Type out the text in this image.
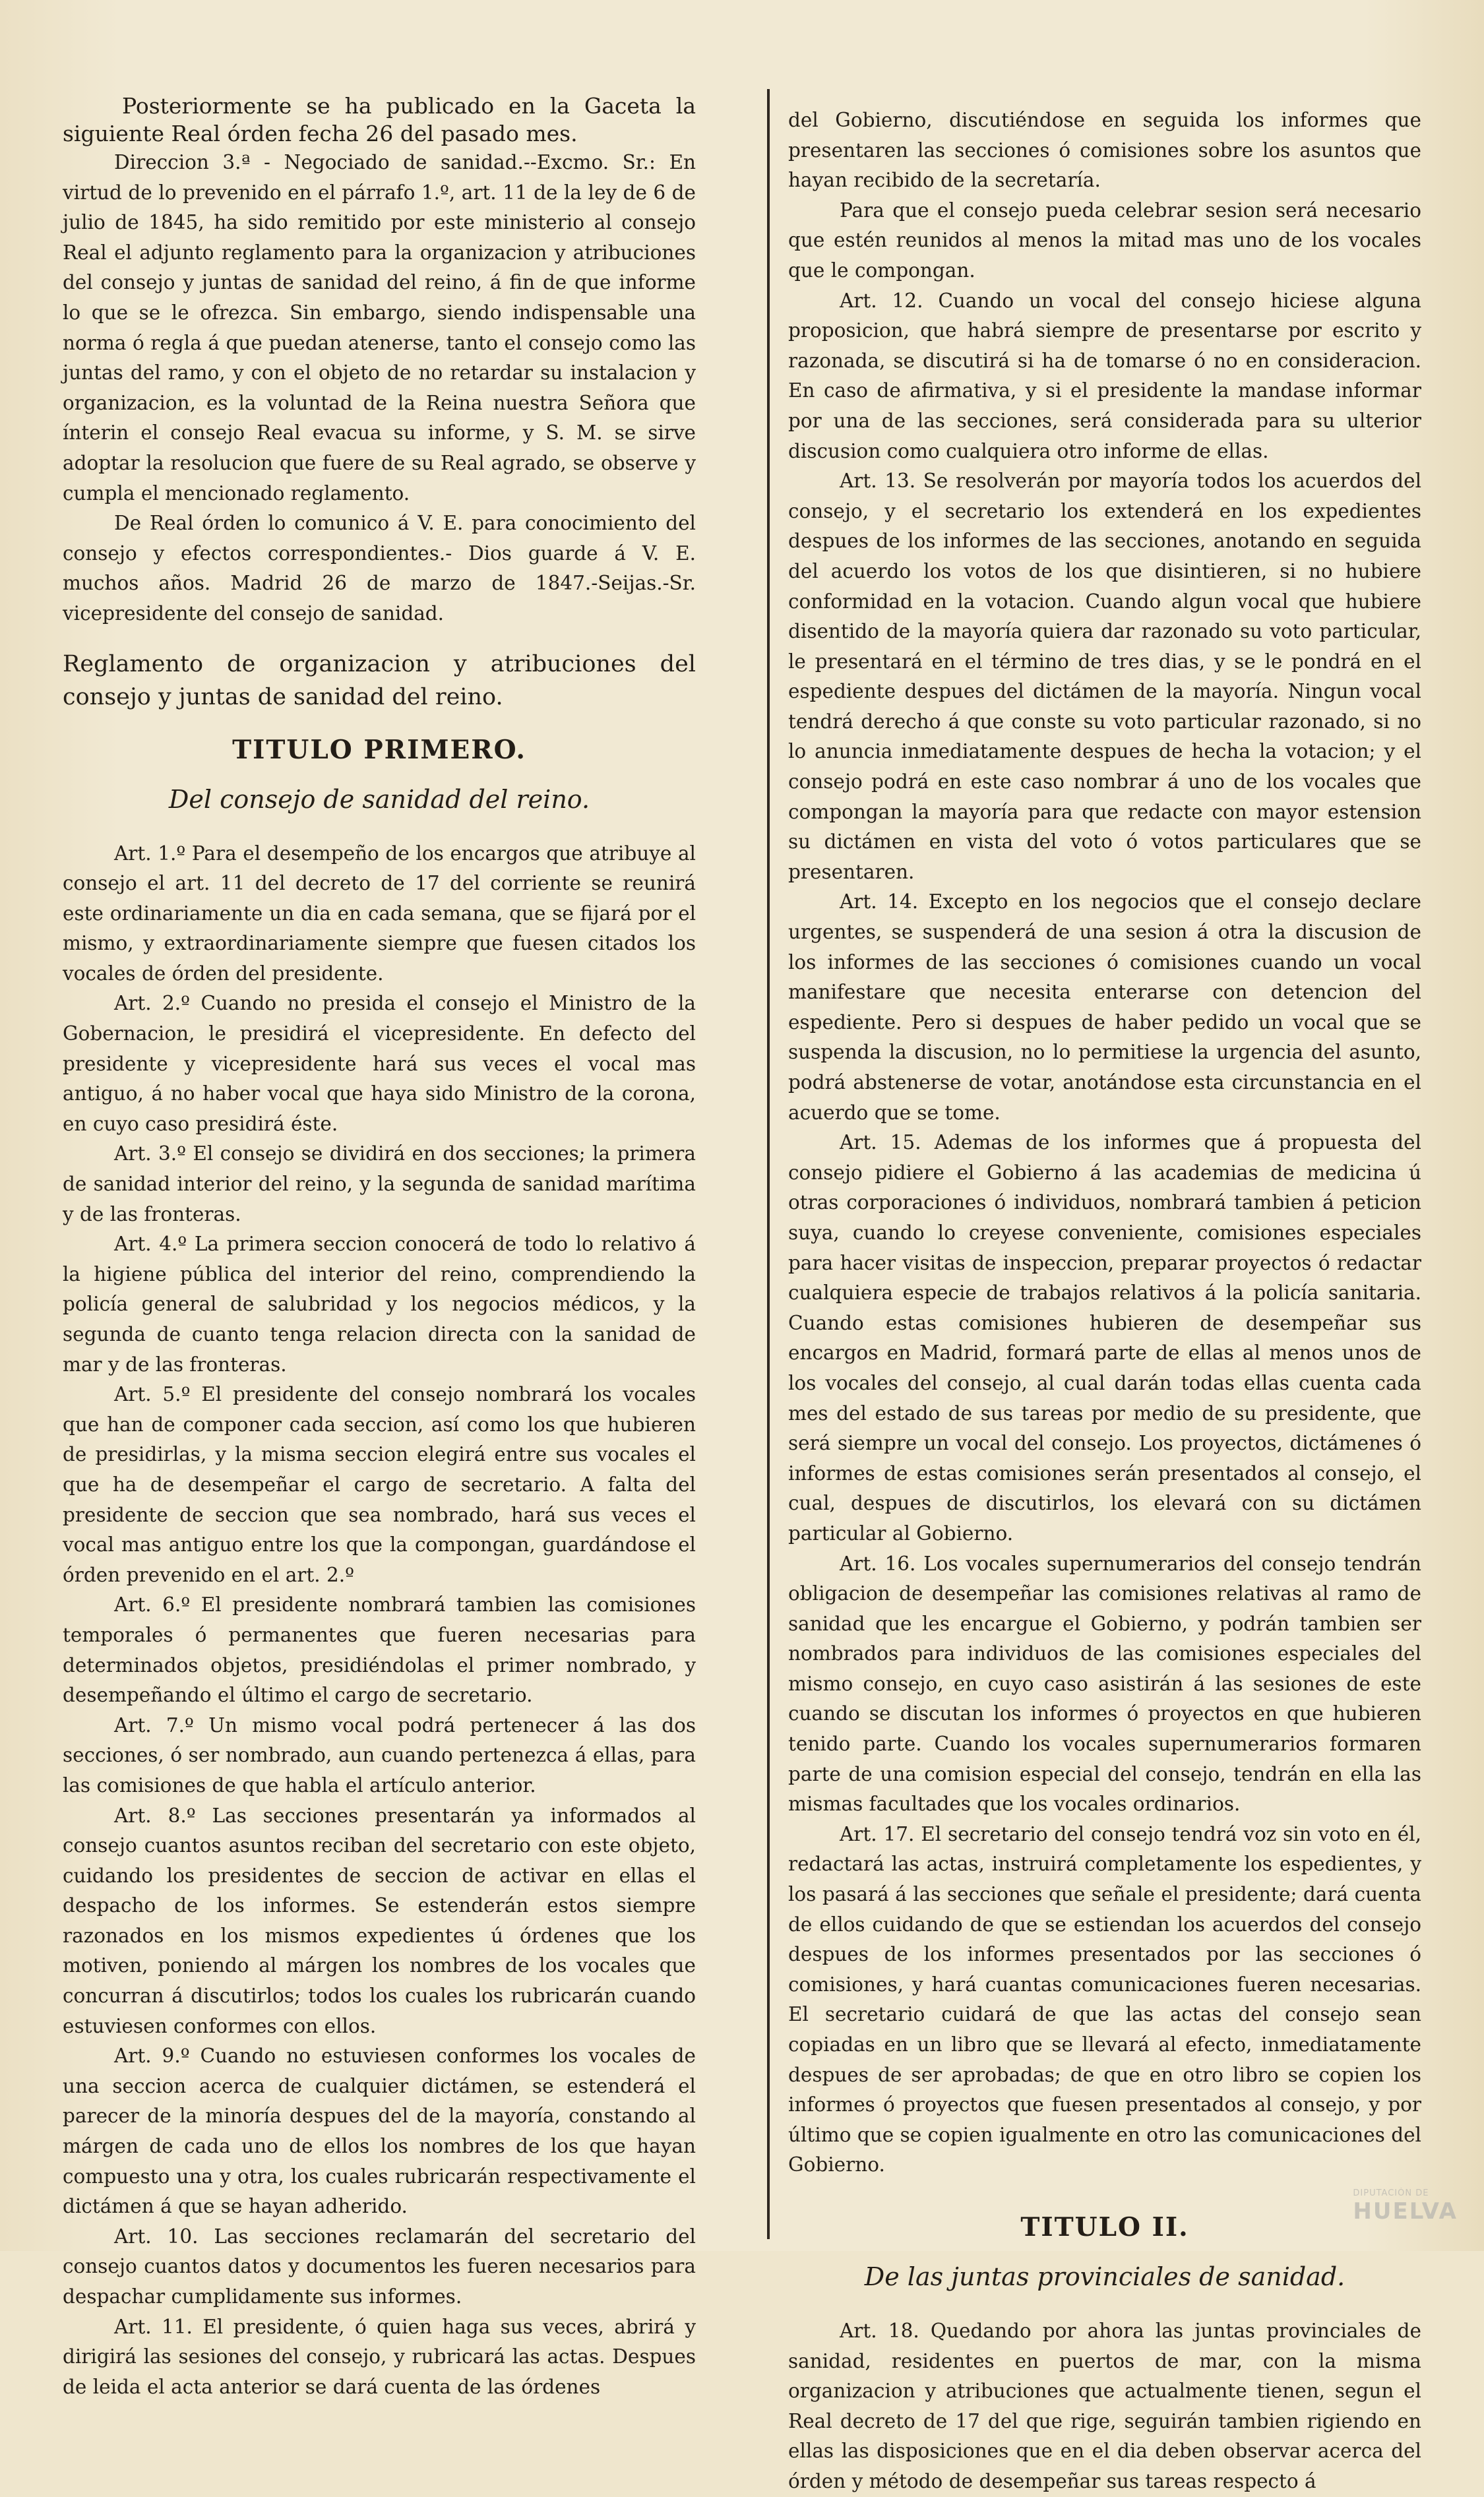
Posteriormente se ha publicado en la Gaceta la siguiente Real órden fecha 26 del pasado mes.

Direccion 3.ª - Negociado de sanidad.--Excmo. Sr.: En virtud de lo prevenido en el párrafo 1.º, art. 11 de la ley de 6 de julio de 1845, ha sido remitido por este ministerio al consejo Real el adjunto reglamento para la organizacion y atribuciones del consejo y juntas de sanidad del reino, á fin de que informe lo que se le ofrezca. Sin embargo, siendo indispensable una norma ó regla á que puedan atenerse, tanto el consejo como las juntas del ramo, y con el objeto de no retardar su instalacion y organizacion, es la voluntad de la Reina nuestra Señora que ínterin el consejo Real evacua su informe, y S. M. se sirve adoptar la resolucion que fuere de su Real agrado, se observe y cumpla el mencionado reglamento.

De Real órden lo comunico á V. E. para conocimiento del consejo y efectos correspondientes.- Dios guarde á V. E. muchos años. Madrid 26 de marzo de 1847.-Seijas.-Sr. vicepresidente del consejo de sanidad.

Reglamento de organizacion y atribuciones del consejo y juntas de sanidad del reino.

TITULO PRIMERO.
Del consejo de sanidad del reino.

Art. 1.º Para el desempeño de los encargos que atribuye al consejo el art. 11 del decreto de 17 del corriente se reunirá este ordinariamente un dia en cada semana, que se fijará por el mismo, y extraordinariamente siempre que fuesen citados los vocales de órden del presidente.

Art. 2.º Cuando no presida el consejo el Ministro de la Gobernacion, le presidirá el vicepresidente. En defecto del presidente y vicepresidente hará sus veces el vocal mas antiguo, á no haber vocal que haya sido Ministro de la corona, en cuyo caso presidirá éste.

Art. 3.º El consejo se dividirá en dos secciones; la primera de sanidad interior del reino, y la segunda de sanidad marítima y de las fronteras.

Art. 4.º La primera seccion conocerá de todo lo relativo á la higiene pública del interior del reino, comprendiendo la policía general de salubridad y los negocios médicos, y la segunda de cuanto tenga relacion directa con la sanidad de mar y de las fronteras.

Art. 5.º El presidente del consejo nombrará los vocales que han de componer cada seccion, así como los que hubieren de presidirlas, y la misma seccion elegirá entre sus vocales el que ha de desempeñar el cargo de secretario. A falta del presidente de seccion que sea nombrado, hará sus veces el vocal mas antiguo entre los que la compongan, guardándose el órden prevenido en el art. 2.º

Art. 6.º El presidente nombrará tambien las comisiones temporales ó permanentes que fueren necesarias para determinados objetos, presidiéndolas el primer nombrado, y desempeñando el último el cargo de secretario.

Art. 7.º Un mismo vocal podrá pertenecer á las dos secciones, ó ser nombrado, aun cuando pertenezca á ellas, para las comisiones de que habla el artículo anterior.

Art. 8.º Las secciones presentarán ya informados al consejo cuantos asuntos reciban del secretario con este objeto, cuidando los presidentes de seccion de activar en ellas el despacho de los informes. Se estenderán estos siempre razonados en los mismos expedientes ú órdenes que los motiven, poniendo al márgen los nombres de los vocales que concurran á discutirlos; todos los cuales los rubricarán cuando estuviesen conformes con ellos.

Art. 9.º Cuando no estuviesen conformes los vocales de una seccion acerca de cualquier dictámen, se estenderá el parecer de la minoría despues del de la mayoría, constando al márgen de cada uno de ellos los nombres de los que hayan compuesto una y otra, los cuales rubricarán respectivamente el dictámen á que se hayan adherido.

Art. 10. Las secciones reclamarán del secretario del consejo cuantos datos y documentos les fueren necesarios para despachar cumplidamente sus informes.

Art. 11. El presidente, ó quien haga sus veces, abrirá y dirigirá las sesiones del consejo, y rubricará las actas. Despues de leida el acta anterior se dará cuenta de las órdenes

del Gobierno, discutiéndose en seguida los informes que presentaren las secciones ó comisiones sobre los asuntos que hayan recibido de la secretaría.

Para que el consejo pueda celebrar sesion será necesario que estén reunidos al menos la mitad mas uno de los vocales que le compongan.

Art. 12. Cuando un vocal del consejo hiciese alguna proposicion, que habrá siempre de presentarse por escrito y razonada, se discutirá si ha de tomarse ó no en consideracion. En caso de afirmativa, y si el presidente la mandase informar por una de las secciones, será considerada para su ulterior discusion como cualquiera otro informe de ellas.

Art. 13. Se resolverán por mayoría todos los acuerdos del consejo, y el secretario los extenderá en los expedientes despues de los informes de las secciones, anotando en seguida del acuerdo los votos de los que disintieren, si no hubiere conformidad en la votacion. Cuando algun vocal que hubiere disentido de la mayoría quiera dar razonado su voto particular, le presentará en el término de tres dias, y se le pondrá en el espediente despues del dictámen de la mayoría. Ningun vocal tendrá derecho á que conste su voto particular razonado, si no lo anuncia inmediatamente despues de hecha la votacion; y el consejo podrá en este caso nombrar á uno de los vocales que compongan la mayoría para que redacte con mayor estension su dictámen en vista del voto ó votos particulares que se presentaren.

Art. 14. Excepto en los negocios que el consejo declare urgentes, se suspenderá de una sesion á otra la discusion de los informes de las secciones ó comisiones cuando un vocal manifestare que necesita enterarse con detencion del espediente. Pero si despues de haber pedido un vocal que se suspenda la discusion, no lo permitiese la urgencia del asunto, podrá abstenerse de votar, anotándose esta circunstancia en el acuerdo que se tome.

Art. 15. Ademas de los informes que á propuesta del consejo pidiere el Gobierno á las academias de medicina ú otras corporaciones ó individuos, nombrará tambien á peticion suya, cuando lo creyese conveniente, comisiones especiales para hacer visitas de inspeccion, preparar proyectos ó redactar cualquiera especie de trabajos relativos á la policía sanitaria. Cuando estas comisiones hubieren de desempeñar sus encargos en Madrid, formará parte de ellas al menos unos de los vocales del consejo, al cual darán todas ellas cuenta cada mes del estado de sus tareas por medio de su presidente, que será siempre un vocal del consejo. Los proyectos, dictámenes ó informes de estas comisiones serán presentados al consejo, el cual, despues de discutirlos, los elevará con su dictámen particular al Gobierno.

Art. 16. Los vocales supernumerarios del consejo tendrán obligacion de desempeñar las comisiones relativas al ramo de sanidad que les encargue el Gobierno, y podrán tambien ser nombrados para individuos de las comisiones especiales del mismo consejo, en cuyo caso asistirán á las sesiones de este cuando se discutan los informes ó proyectos en que hubieren tenido parte. Cuando los vocales supernumerarios formaren parte de una comision especial del consejo, tendrán en ella las mismas facultades que los vocales ordinarios.

Art. 17. El secretario del consejo tendrá voz sin voto en él, redactará las actas, instruirá completamente los espedientes, y los pasará á las secciones que señale el presidente; dará cuenta de ellos cuidando de que se estiendan los acuerdos del consejo despues de los informes presentados por las secciones ó comisiones, y hará cuantas comunicaciones fueren necesarias. El secretario cuidará de que las actas del consejo sean copiadas en un libro que se llevará al efecto, inmediatamente despues de ser aprobadas; de que en otro libro se copien los informes ó proyectos que fuesen presentados al consejo, y por último que se copien igualmente en otro las comunicaciones del Gobierno.

TITULO II.
De las juntas provinciales de sanidad.

Art. 18. Quedando por ahora las juntas provinciales de sanidad, residentes en puertos de mar, con la misma organizacion y atribuciones que actualmente tienen, segun el Real decreto de 17 del que rige, seguirán tambien rigiendo en ellas las disposiciones que en el dia deben observar acerca del órden y método de desempeñar sus tareas respecto á

DIPUTACIÓN DE
HUELVA
